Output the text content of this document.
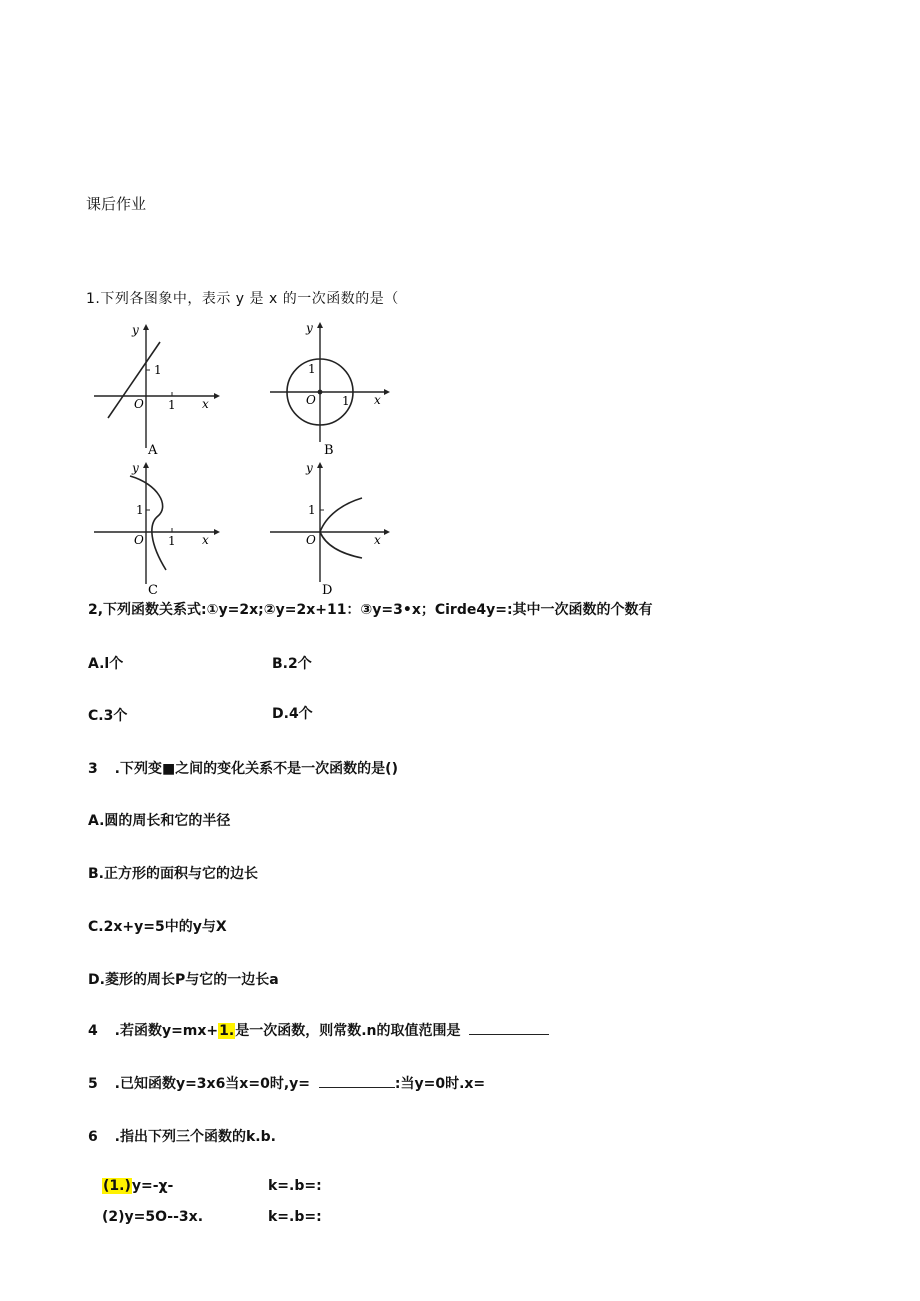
课后作业
1.下列各图象中，表示 y 是 x 的一次函数的是（
y
x
O 1
1
A
y
x
O 1
1
B
y
x
O 1
1
C
y
x
O
1
D
2,下列函数关系式:①y=2x;②y=2x+11：③y=3•x；Cirde4y=:其中一次函数的个数有
A.l个	B.2个
C.3个	D.4个
3 .下列变■之间的变化关系不是一次函数的是()
A.圆的周长和它的半径
B.正方形的面积与它的边长
C.2x+y=5中的y与X
D.菱形的周长P与它的一边长a
4 .若函数y=mx+1.是一次函数，则常数.n的取值范围是
5 .已知函数y=3x6当x=0时,y=	:当y=0时.x=
6 .指出下列三个函数的k.b.
(1.)y=-χ-	k=.b=:
(2)y=5O--3x.	k=.b=:
